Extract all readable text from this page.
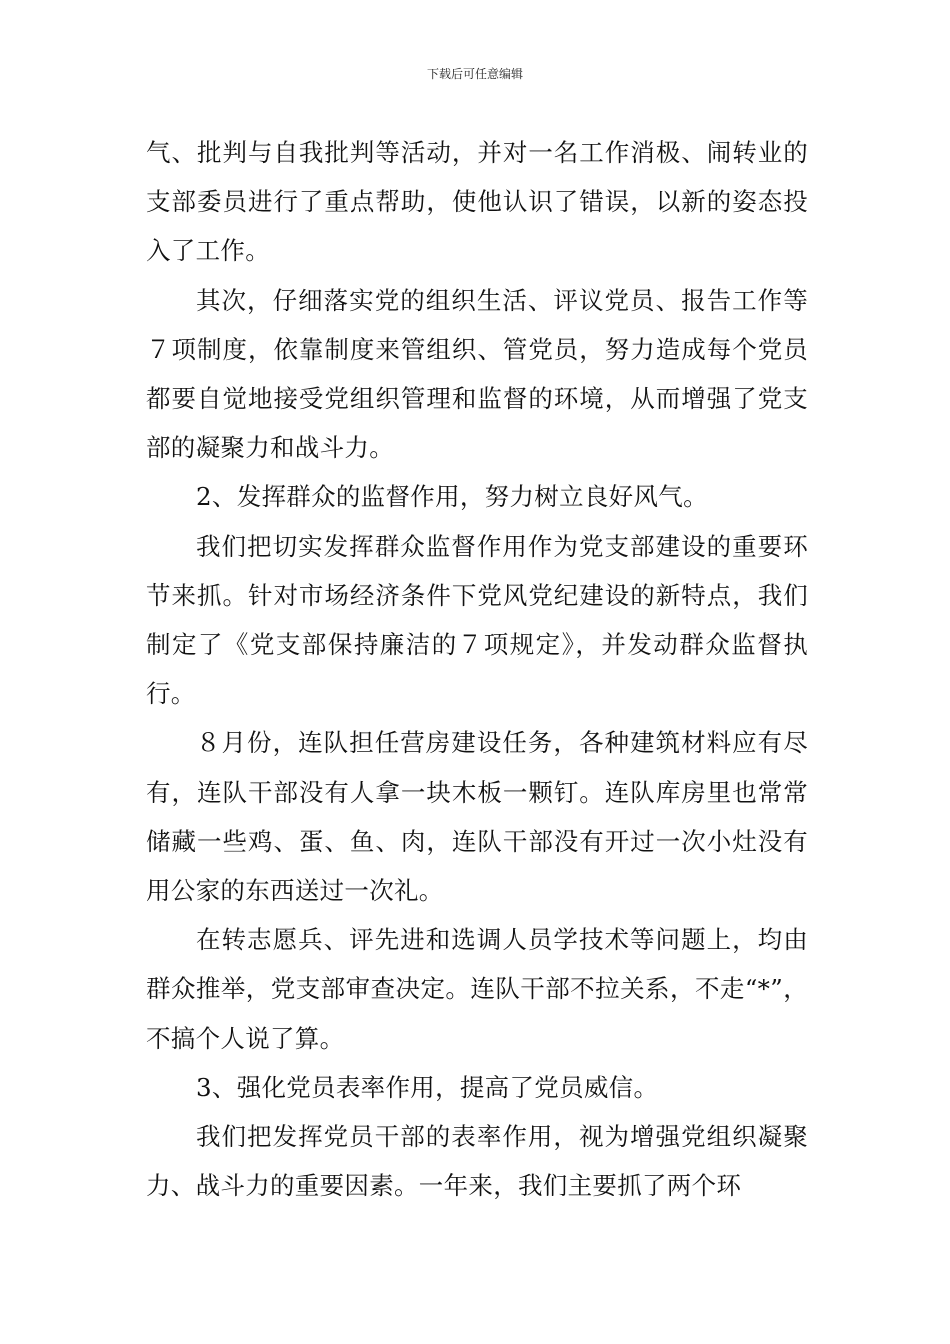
下载后可任意编辑

气、批判与自我批判等活动，并对一名工作消极、闹转业的支部委员进行了重点帮助，使他认识了错误，以新的姿态投入了工作。

其次，仔细落实党的组织生活、评议党员、报告工作等７项制度，依靠制度来管组织、管党员，努力造成每个党员都要自觉地接受党组织管理和监督的环境，从而增强了党支部的凝聚力和战斗力。

2、发挥群众的监督作用，努力树立良好风气。

我们把切实发挥群众监督作用作为党支部建设的重要环节来抓。针对市场经济条件下党风党纪建设的新特点，我们制定了《党支部保持廉洁的７项规定》，并发动群众监督执行。

８月份，连队担任营房建设任务，各种建筑材料应有尽有，连队干部没有人拿一块木板一颗钉。连队库房里也常常储藏一些鸡、蛋、鱼、肉，连队干部没有开过一次小灶没有用公家的东西送过一次礼。

在转志愿兵、评先进和选调人员学技术等问题上，均由群众推举，党支部审查决定。连队干部不拉关系，不走“*”，不搞个人说了算。

3、强化党员表率作用，提高了党员威信。

我们把发挥党员干部的表率作用，视为增强党组织凝聚力、战斗力的重要因素。一年来，我们主要抓了两个环
